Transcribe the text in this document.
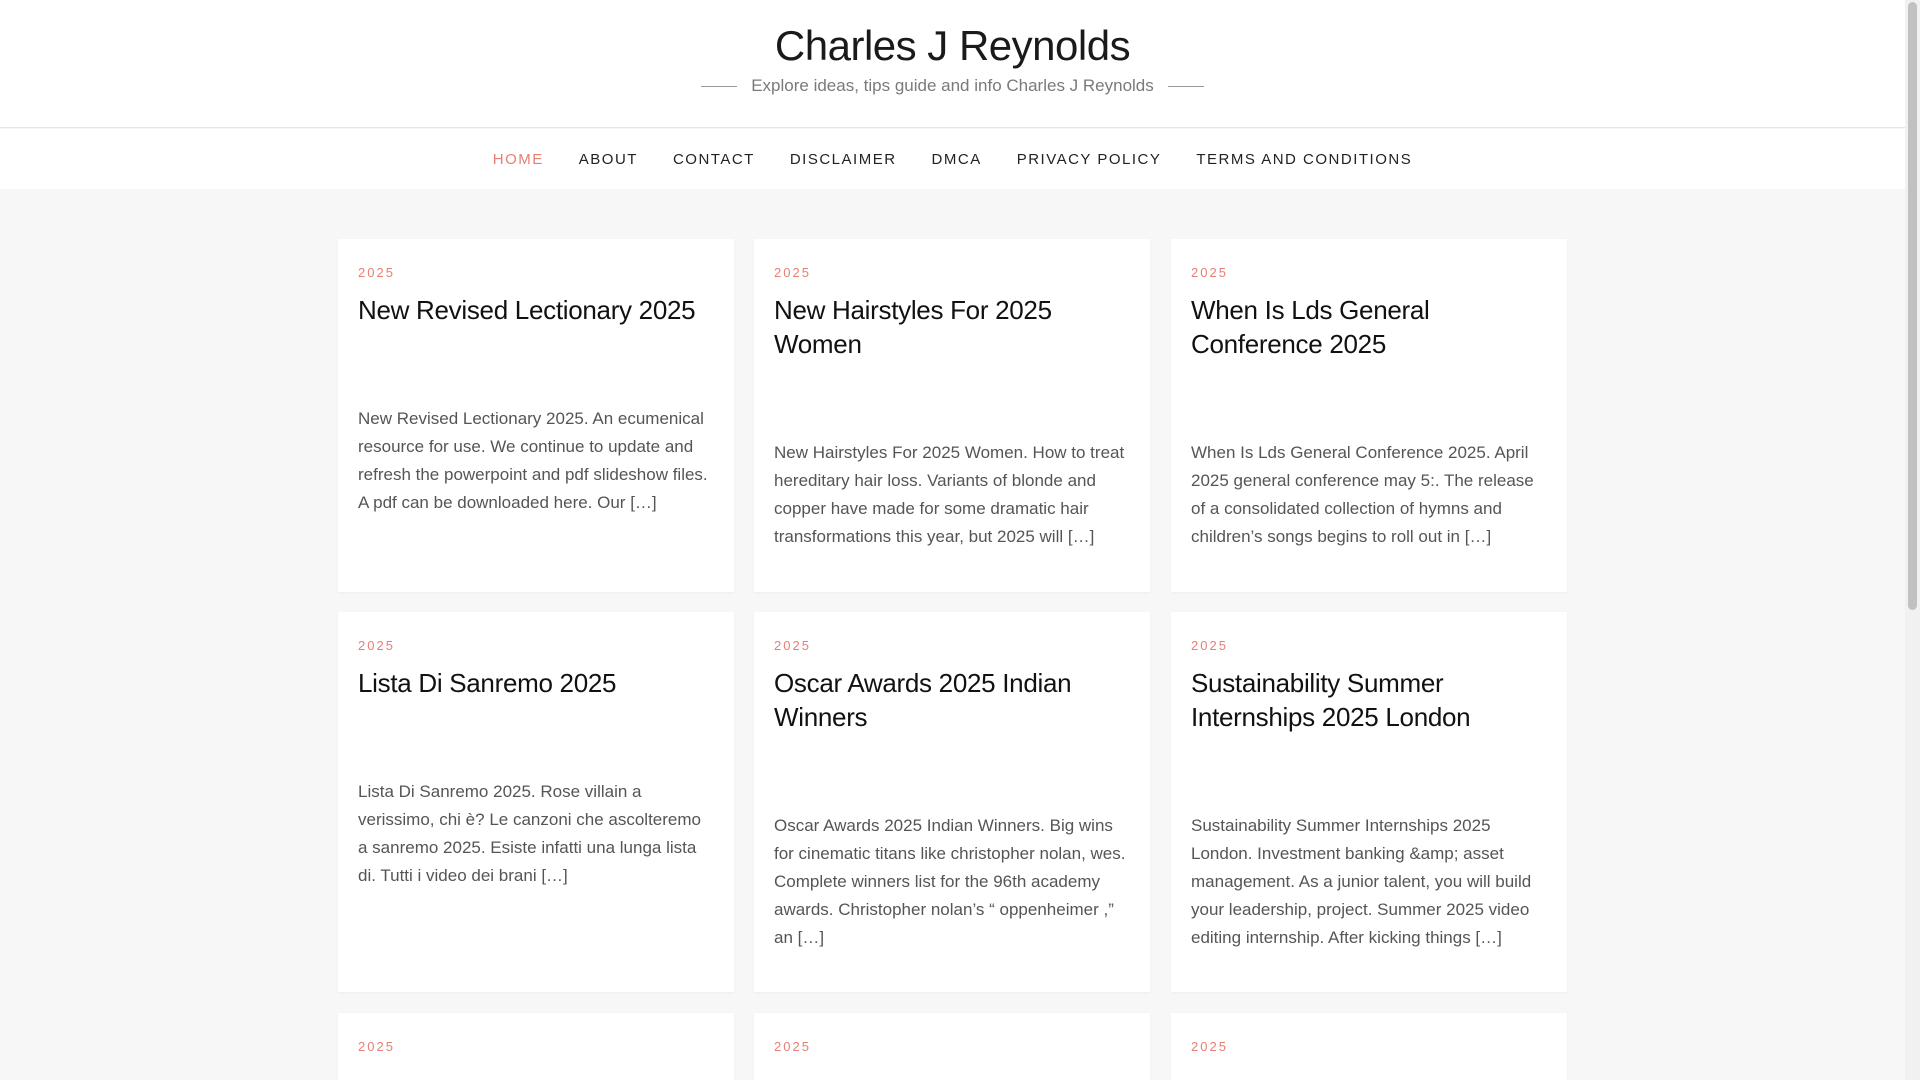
Charles J Reynolds
Explore ideas, tips guide and info Charles J Reynolds
HOME ABOUT CONTACT DISCLAIMER DMCA PRIVACY POLICY TERMS AND CONDITIONS
2025
New Revised Lectionary 2025

New Revised Lectionary 2025. An ecumenical resource for use. We continue to update and refresh the powerpoint and pdf slideshow files. A pdf can be downloaded here. Our […]

2025
New Hairstyles For 2025 Women

New Hairstyles For 2025 Women. How to treat hereditary hair loss. Variants of blonde and copper have made for some dramatic hair transformations this year, but 2025 will […]

2025
When Is Lds General Conference 2025

When Is Lds General Conference 2025. April 2025 general conference may 5:. The release of a consolidated collection of hymns and children’s songs begins to roll out in […]

2025
Lista Di Sanremo 2025

Lista Di Sanremo 2025. Rose villain a verissimo, chi è? Le canzoni che ascolteremo a sanremo 2025. Esiste infatti una lunga lista di. Tutti i video dei brani […]

2025
Oscar Awards 2025 Indian Winners

Oscar Awards 2025 Indian Winners. Big wins for cinematic titans like christopher nolan, wes. Complete winners list for the 96th academy awards. Christopher nolan’s “ oppenheimer ,” an […]

2025
Sustainability Summer Internships 2025 London

Sustainability Summer Internships 2025 London. Investment banking &amp; asset management. As a junior talent, you will build your leadership, project. Summer 2025 video editing internship. After kicking things […]

2025	2025	2025
